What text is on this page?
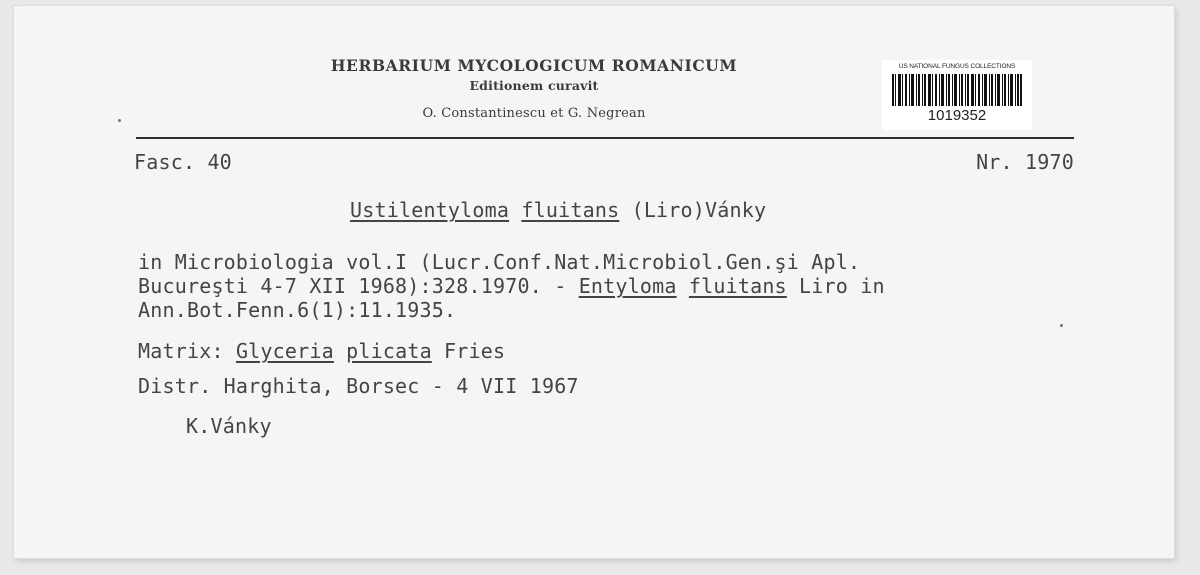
HERBARIUM MYCOLOGICUM ROMANICUM
Editionem curavit
O. Constantinescu et G. Negrean
US NATIONAL FUNGUS COLLECTIONS
1019352
Fasc. 40	Nr. 1970
Ustilentyloma fluitans (Liro)Vánky
in Microbiologia vol.I (Lucr.Conf.Nat.Microbiol.Gen.şi Apl.
Bucureşti 4-7 XII 1968):328.1970. - Entyloma fluitans Liro in
Ann.Bot.Fenn.6(1):11.1935.
Matrix: Glyceria plicata Fries
Distr. Harghita, Borsec - 4 VII 1967
K.Vánky
